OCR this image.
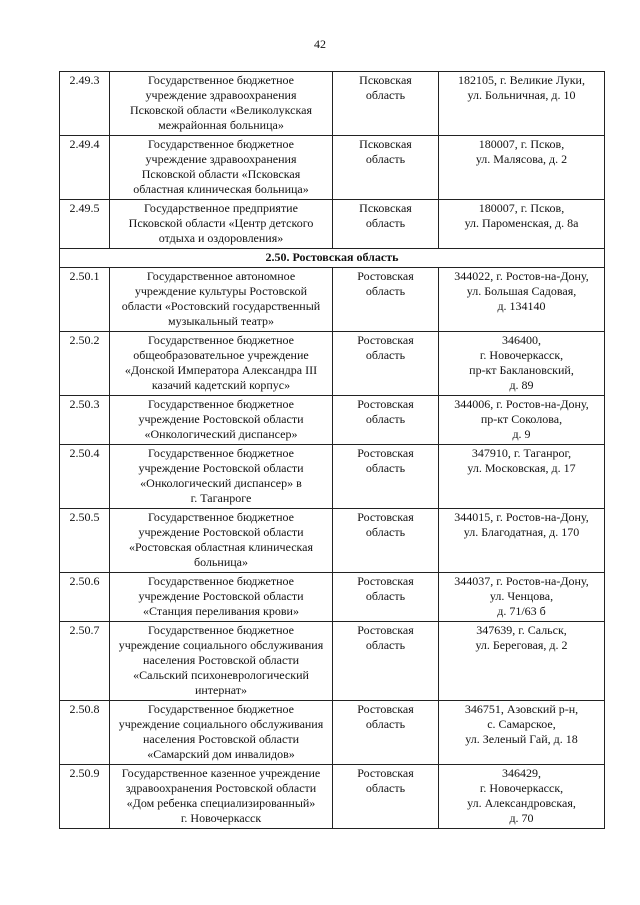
42
2.49.3	Государственное бюджетное
учреждение здравоохранения
Псковской области «Великолукская
межрайонная больница»	Псковская
область	182105, г. Великие Луки,
ул. Больничная, д. 10

2.49.4	Государственное бюджетное
учреждение здравоохранения
Псковской области «Псковская
областная клиническая больница»	Псковская
область	180007, г. Псков,
ул. Малясова, д. 2

2.49.5	Государственное предприятие
Псковской области «Центр детского
отдыха и оздоровления»	Псковская
область	180007, г. Псков,
ул. Пароменская, д. 8а

2.50. Ростовская область			
2.50.1	Государственное автономное
учреждение культуры Ростовской
области «Ростовский государственный
музыкальный театр»	Ростовская
область	344022, г. Ростов-на-Дону,
ул. Большая Садовая,
д. 134140

2.50.2	Государственное бюджетное
общеобразовательное учреждение
«Донской Императора Александра III
казачий кадетский корпус»	Ростовская
область	346400,
г. Новочеркасск,
пр-кт Баклановский,
д. 89

2.50.3	Государственное бюджетное
учреждение Ростовской области
«Онкологический диспансер»	Ростовская
область	344006, г. Ростов-на-Дону,
пр-кт Соколова,
д. 9

2.50.4	Государственное бюджетное
учреждение Ростовской области
«Онкологический диспансер» в
г. Таганроге	Ростовская
область	347910, г. Таганрог,
ул. Московская, д. 17

2.50.5	Государственное бюджетное
учреждение Ростовской области
«Ростовская областная клиническая
больница»	Ростовская
область	344015, г. Ростов-на-Дону,
ул. Благодатная, д. 170

2.50.6	Государственное бюджетное
учреждение Ростовской области
«Станция переливания крови»	Ростовская
область	344037, г. Ростов-на-Дону,
ул. Ченцова,
д. 71/63 б

2.50.7	Государственное бюджетное
учреждение социального обслуживания
населения Ростовской области
«Сальский психоневрологический
интернат»	Ростовская
область	347639, г. Сальск,
ул. Береговая, д. 2

2.50.8	Государственное бюджетное
учреждение социального обслуживания
населения Ростовской области
«Самарский дом инвалидов»	Ростовская
область	346751, Азовский р-н,
с. Самарское,
ул. Зеленый Гай, д. 18

2.50.9	Государственное казенное учреждение
здравоохранения Ростовской области
«Дом ребенка специализированный»
г. Новочеркасск	Ростовская
область	346429,
г. Новочеркасск,
ул. Александровская,
д. 70
